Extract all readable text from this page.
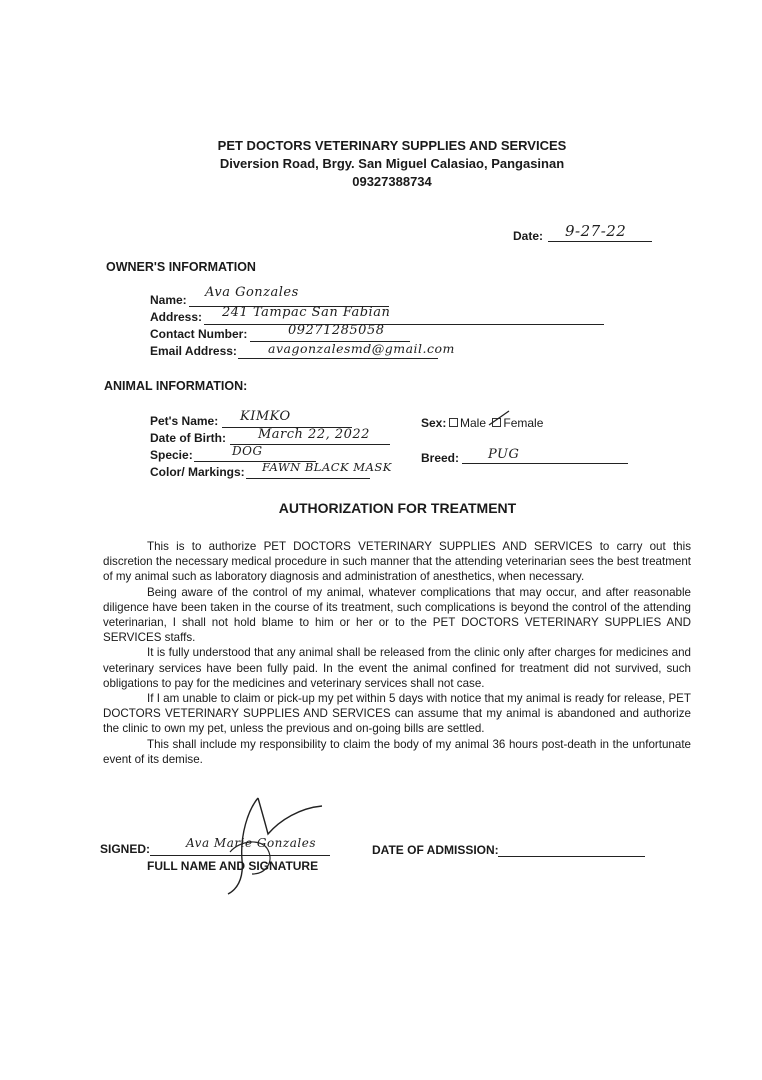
PET DOCTORS VETERINARY SUPPLIES AND SERVICES
Diversion Road, Brgy. San Miguel Calasiao, Pangasinan
09327388734
Date: 9-27-22
OWNER'S INFORMATION
Name: Ava Gonzales
Address: 241 Tampac San Fabian
Contact Number:	09271285058
Email Address: avagonzalesmd@gmail.com
ANIMAL INFORMATION:
Pet's Name: KIMKO	Sex:	Male Female
Date of Birth: March 22, 2022
Specie:	DOG	Breed: PUG
Color/ Markings: FAWN BLACK MASK
AUTHORIZATION FOR TREATMENT

This is to authorize PET DOCTORS VETERINARY SUPPLIES AND SERVICES to carry out this discretion the necessary medical procedure in such manner that the attending veterinarian sees the best treatment of my animal such as laboratory diagnosis and administration of anesthetics, when necessary.

Being aware of the control of my animal, whatever complications that may occur, and after reasonable diligence have been taken in the course of its treatment, such complications is beyond the control of the attending veterinarian, I shall not hold blame to him or her or to the PET DOCTORS VETERINARY SUPPLIES AND SERVICES staffs.

It is fully understood that any animal shall be released from the clinic only after charges for medicines and veterinary services have been fully paid. In the event the animal confined for treatment did not survived, such obligations to pay for the medicines and veterinary services shall not case.

If I am unable to claim or pick-up my pet within 5 days with notice that my animal is ready for release, PET DOCTORS VETERINARY SUPPLIES AND SERVICES can assume that my animal is abandoned and authorize the clinic to own my pet, unless the previous and on-going bills are settled.

This shall include my responsibility to claim the body of my animal 36 hours post-death in the unfortunate event of its demise.

SIGNED:	Ava Marie Gonzales
FULL NAME AND SIGNATURE
DATE OF ADMISSION:
